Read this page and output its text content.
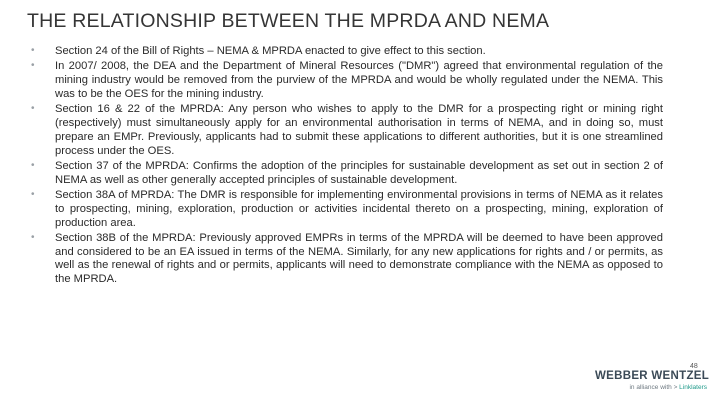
THE RELATIONSHIP BETWEEN THE MPRDA AND NEMA
• Section 24 of the Bill of Rights – NEMA & MPRDA enacted to give effect to this section.
• In 2007/ 2008, the DEA and the Department of Mineral Resources ("DMR") agreed that environmental regulation of the mining industry would be removed from the purview of the MPRDA and would be wholly regulated under the NEMA. This was to be the OES for the mining industry.
• Section 16 & 22 of the MPRDA: Any person who wishes to apply to the DMR for a prospecting right or mining right (respectively) must simultaneously apply for an environmental authorisation in terms of NEMA, and in doing so, must prepare an EMPr. Previously, applicants had to submit these applications to different authorities, but it is one streamlined process under the OES.
• Section 37 of the MPRDA: Confirms the adoption of the principles for sustainable development as set out in section 2 of NEMA as well as other generally accepted principles of sustainable development.
• Section 38A of MPRDA: The DMR is responsible for implementing environmental provisions in terms of NEMA as it relates to prospecting, mining, exploration, production or activities incidental thereto on a prospecting, mining, exploration of production area.
• Section 38B of the MPRDA: Previously approved EMPRs in terms of the MPRDA will be deemed to have been approved and considered to be an EA issued in terms of the NEMA. Similarly, for any new applications for rights and / or permits, as well as the renewal of rights and or permits, applicants will need to demonstrate compliance with the NEMA as opposed to the MPRDA.
48
WEBBER WENTZEL
in alliance with > Linklaters
